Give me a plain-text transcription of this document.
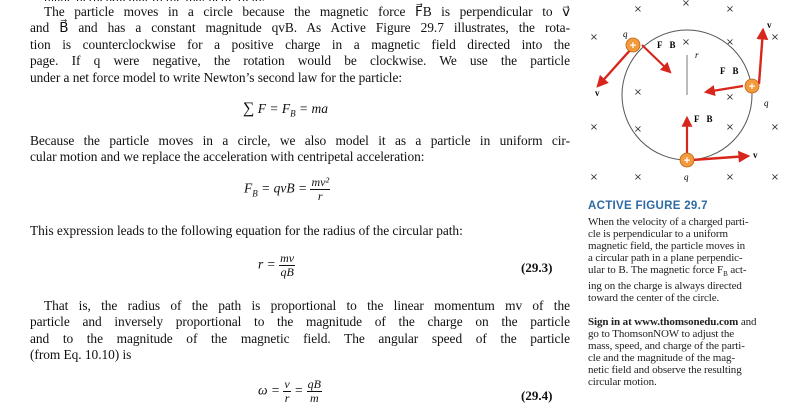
The particle moves in a circle because the magnetic force F⃗B is perpendicular to v⃗
and B⃗ and has a constant magnitude qvB. As Active Figure 29.7 illustrates, the rota-
tion is counterclockwise for a positive charge in a magnetic field directed into the
page. If q were negative, the rotation would be clockwise. We use the particle
under a net force model to write Newton’s second law for the particle:
∑ $F = F_B$ = ma
Because the particle moves in a circle, we also model it as a particle in uniform cir-
cular motion and we replace the acceleration with centripetal acceleration:
$F_B$ = qvB = $\frac{\text{mv²}}{r}$
This expression leads to the following equation for the radius of the circular path:
$r = \frac{mv}{qB}$	(29.3)
That is, the radius of the path is proportional to the linear momentum mv of the
particle and inversely proportional to the magnitude of the charge on the particle
and to the magnitude of the magnetic field. The angular speed of the particle
(from Eq. 10.10) is
$\omega = \frac{v}{r} = \frac{qB}{m}$	(29.4)
×
×
×
×
×
×
×
×
×
×	×
×	×	×	×
×
×
+
+
+
q
q
q
r
F⃗B
F⃗B
F⃗B
v⃗
v⃗
v⃗
ACTIVE FIGURE 29.7
When the velocity of a charged parti-
cle is perpendicular to a uniform
magnetic field, the particle moves in
a circular path in a plane perpendic-
ular to B. The magnetic force $F_B$ act-
ing on the charge is always directed
toward the center of the circle.
Sign in at www.thomsonedu.com and
go to ThomsonNOW to adjust the
mass, speed, and charge of the parti-
cle and the magnitude of the mag-
netic field and observe the resulting
circular motion.
